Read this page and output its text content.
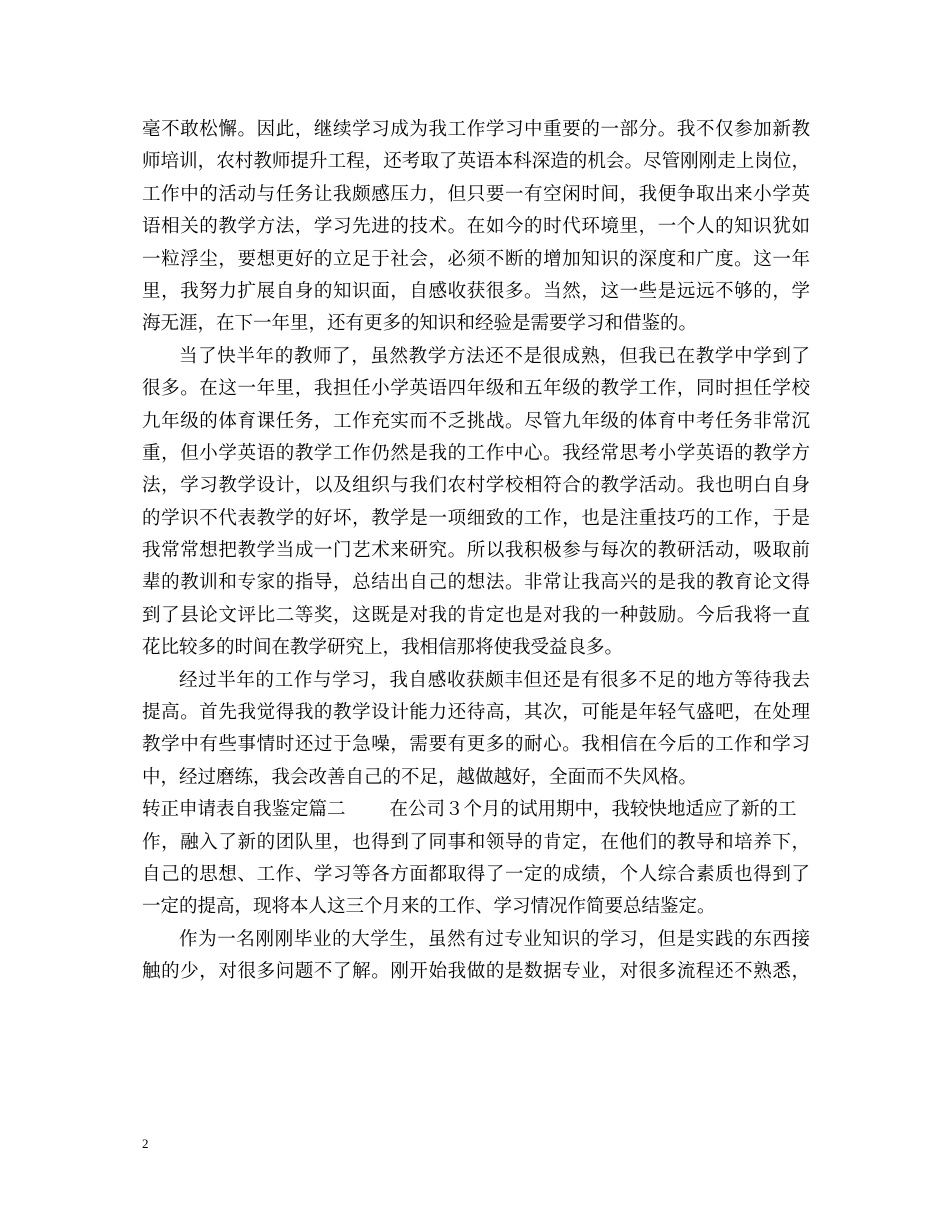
毫不敢松懈。因此，继续学习成为我工作学习中重要的一部分。我不仅参加新教
师培训，农村教师提升工程，还考取了英语本科深造的机会。尽管刚刚走上岗位，
工作中的活动与任务让我颇感压力，但只要一有空闲时间，我便争取出来小学英
语相关的教学方法，学习先进的技术。在如今的时代环境里，一个人的知识犹如
一粒浮尘，要想更好的立足于社会，必须不断的增加知识的深度和广度。这一年
里，我努力扩展自身的知识面，自感收获很多。当然，这一些是远远不够的，学
海无涯，在下一年里，还有更多的知识和经验是需要学习和借鉴的。
当了快半年的教师了，虽然教学方法还不是很成熟，但我已在教学中学到了
很多。在这一年里，我担任小学英语四年级和五年级的教学工作，同时担任学校
九年级的体育课任务，工作充实而不乏挑战。尽管九年级的体育中考任务非常沉
重，但小学英语的教学工作仍然是我的工作中心。我经常思考小学英语的教学方
法，学习教学设计，以及组织与我们农村学校相符合的教学活动。我也明白自身
的学识不代表教学的好坏，教学是一项细致的工作，也是注重技巧的工作，于是
我常常想把教学当成一门艺术来研究。所以我积极参与每次的教研活动，吸取前
辈的教训和专家的指导，总结出自己的想法。非常让我高兴的是我的教育论文得
到了县论文评比二等奖，这既是对我的肯定也是对我的一种鼓励。今后我将一直
花比较多的时间在教学研究上，我相信那将使我受益良多。
经过半年的工作与学习，我自感收获颇丰但还是有很多不足的地方等待我去
提高。首先我觉得我的教学设计能力还待高，其次，可能是年轻气盛吧，在处理
教学中有些事情时还过于急噪，需要有更多的耐心。我相信在今后的工作和学习
中，经过磨练，我会改善自己的不足，越做越好，全面而不失风格。
转正申请表自我鉴定篇二 在公司３个月的试用期中，我较快地适应了新的工
作，融入了新的团队里，也得到了同事和领导的肯定，在他们的教导和培养下，
自己的思想、工作、学习等各方面都取得了一定的成绩，个人综合素质也得到了
一定的提高，现将本人这三个月来的工作、学习情况作简要总结鉴定。
作为一名刚刚毕业的大学生，虽然有过专业知识的学习，但是实践的东西接
触的少，对很多问题不了解。刚开始我做的是数据专业，对很多流程还不熟悉，
2
